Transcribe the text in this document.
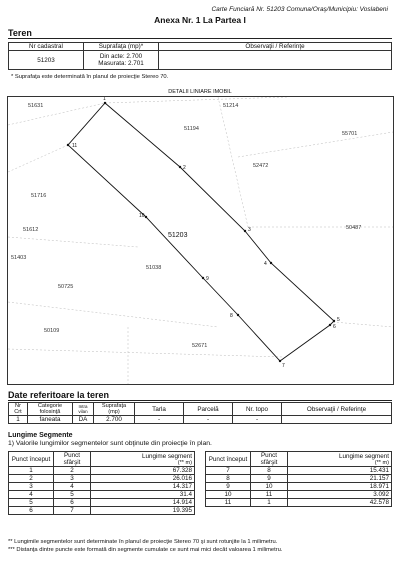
Carte Funciară Nr. 51203 Comuna/Oraş/Municipiu: Voslabeni
Anexa Nr. 1 La Partea I
Teren
Nr cadastral	Suprafaţa (mp)*	Observaţii / Referinţe
51203	Din acte: 2.700
Masurata: 2.701	

* Suprafaţa este determinată în planul de proiecţie Stereo 70.
DETALII LINIARE IMOBIL
1
2
3
4
5
6
7
8
9
10
11
51631	51214
51194
55701
52472
51716
51612
51403
51038
50487
50725
50109
52671
51203
Date referitoare la teren
Nr Crt	Categorie folosinţă	Intra vilan	Suprafaţa (mp)	Tarla	Parcelă	Nr. topo	Observaţii / Referinţe
1	faneata	DA	2.700	-	-	-	
Lungime Segmente
1) Valorile lungimilor segmentelor sunt obţinute din proiecţie în plan.
Punct început	Punct sfârşit	Lungime segment
(** m)

1	2	67.328
2	3	26.016
3	4	14.317
4	5	31.4
5	6	14.914
6	7	19.395
Punct început	Punct sfârşit	Lungime segment
(** m)

7	8	15.431
8	9	21.157
9	10	18.971
10	11	3.092
11	1	42.578
** Lungimile segmentelor sunt determinate în planul de proiecţie Stereo 70 şi sunt rotunjite la 1 milimetru.
*** Distanţa dintre puncte este formată din segmente cumulate ce sunt mai mici decât valoarea 1 milimetru.
